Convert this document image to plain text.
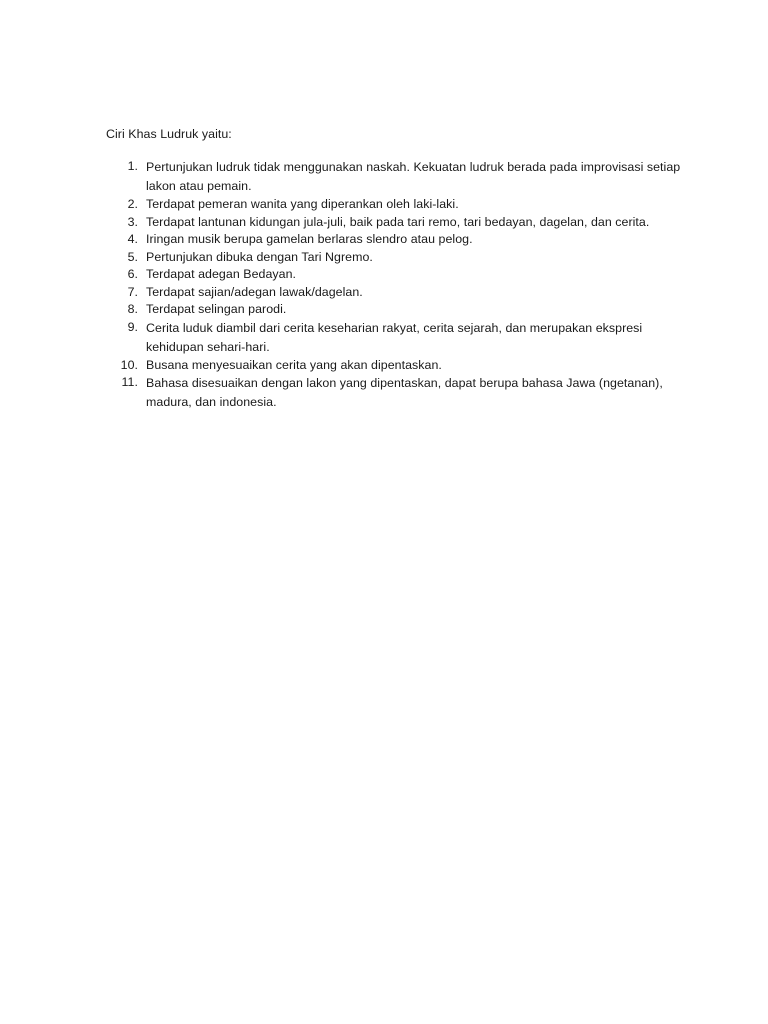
Ciri Khas Ludruk yaitu:

1. Pertunjukan ludruk tidak menggunakan naskah. Kekuatan ludruk berada pada improvisasi setiap lakon atau pemain.
2. Terdapat pemeran wanita yang diperankan oleh laki-laki.
3. Terdapat lantunan kidungan jula-juli, baik pada tari remo, tari bedayan, dagelan, dan cerita.
4. Iringan musik berupa gamelan berlaras slendro atau pelog.
5. Pertunjukan dibuka dengan Tari Ngremo.
6. Terdapat adegan Bedayan.
7. Terdapat sajian/adegan lawak/dagelan.
8. Terdapat selingan parodi.
9. Cerita luduk diambil dari cerita keseharian rakyat, cerita sejarah, dan merupakan ekspresi kehidupan sehari-hari.
10. Busana menyesuaikan cerita yang akan dipentaskan.
11. Bahasa disesuaikan dengan lakon yang dipentaskan, dapat berupa bahasa Jawa (ngetanan), madura, dan indonesia.
